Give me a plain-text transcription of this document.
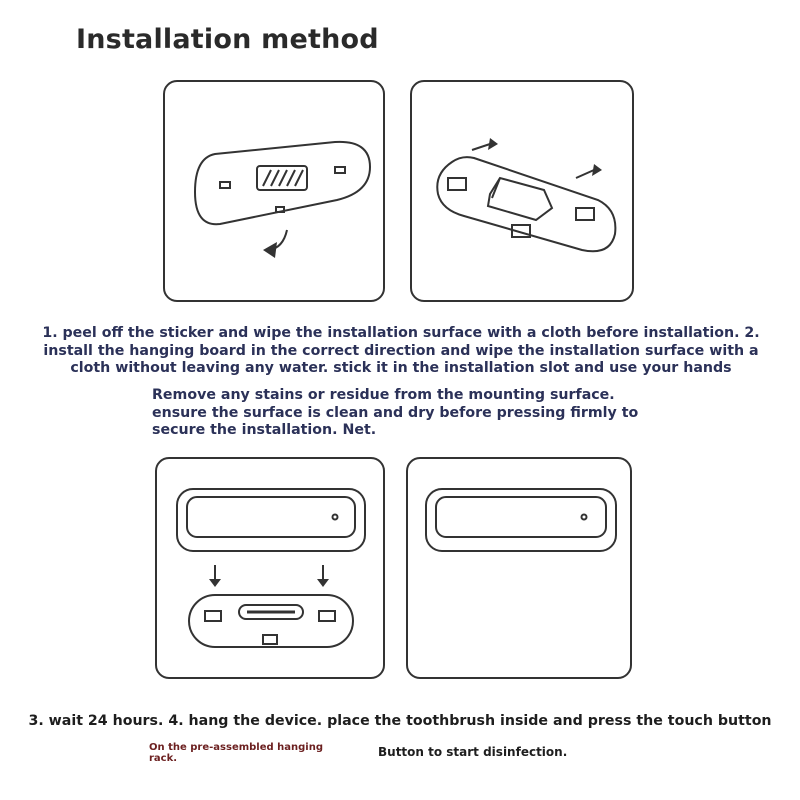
Installation method
1. peel off the sticker and wipe the installation surface with a cloth before installation. 2. install the hanging board in the correct direction and wipe the installation surface with a cloth without leaving any water. stick it in the installation slot and use your hands
Remove any stains or residue from the mounting surface. ensure the surface is clean and dry before pressing firmly to secure the installation. Net.
3. wait 24 hours. 4. hang the device. place the toothbrush inside and press the touch button
On the pre-assembled hanging rack.	Button to start disinfection.
